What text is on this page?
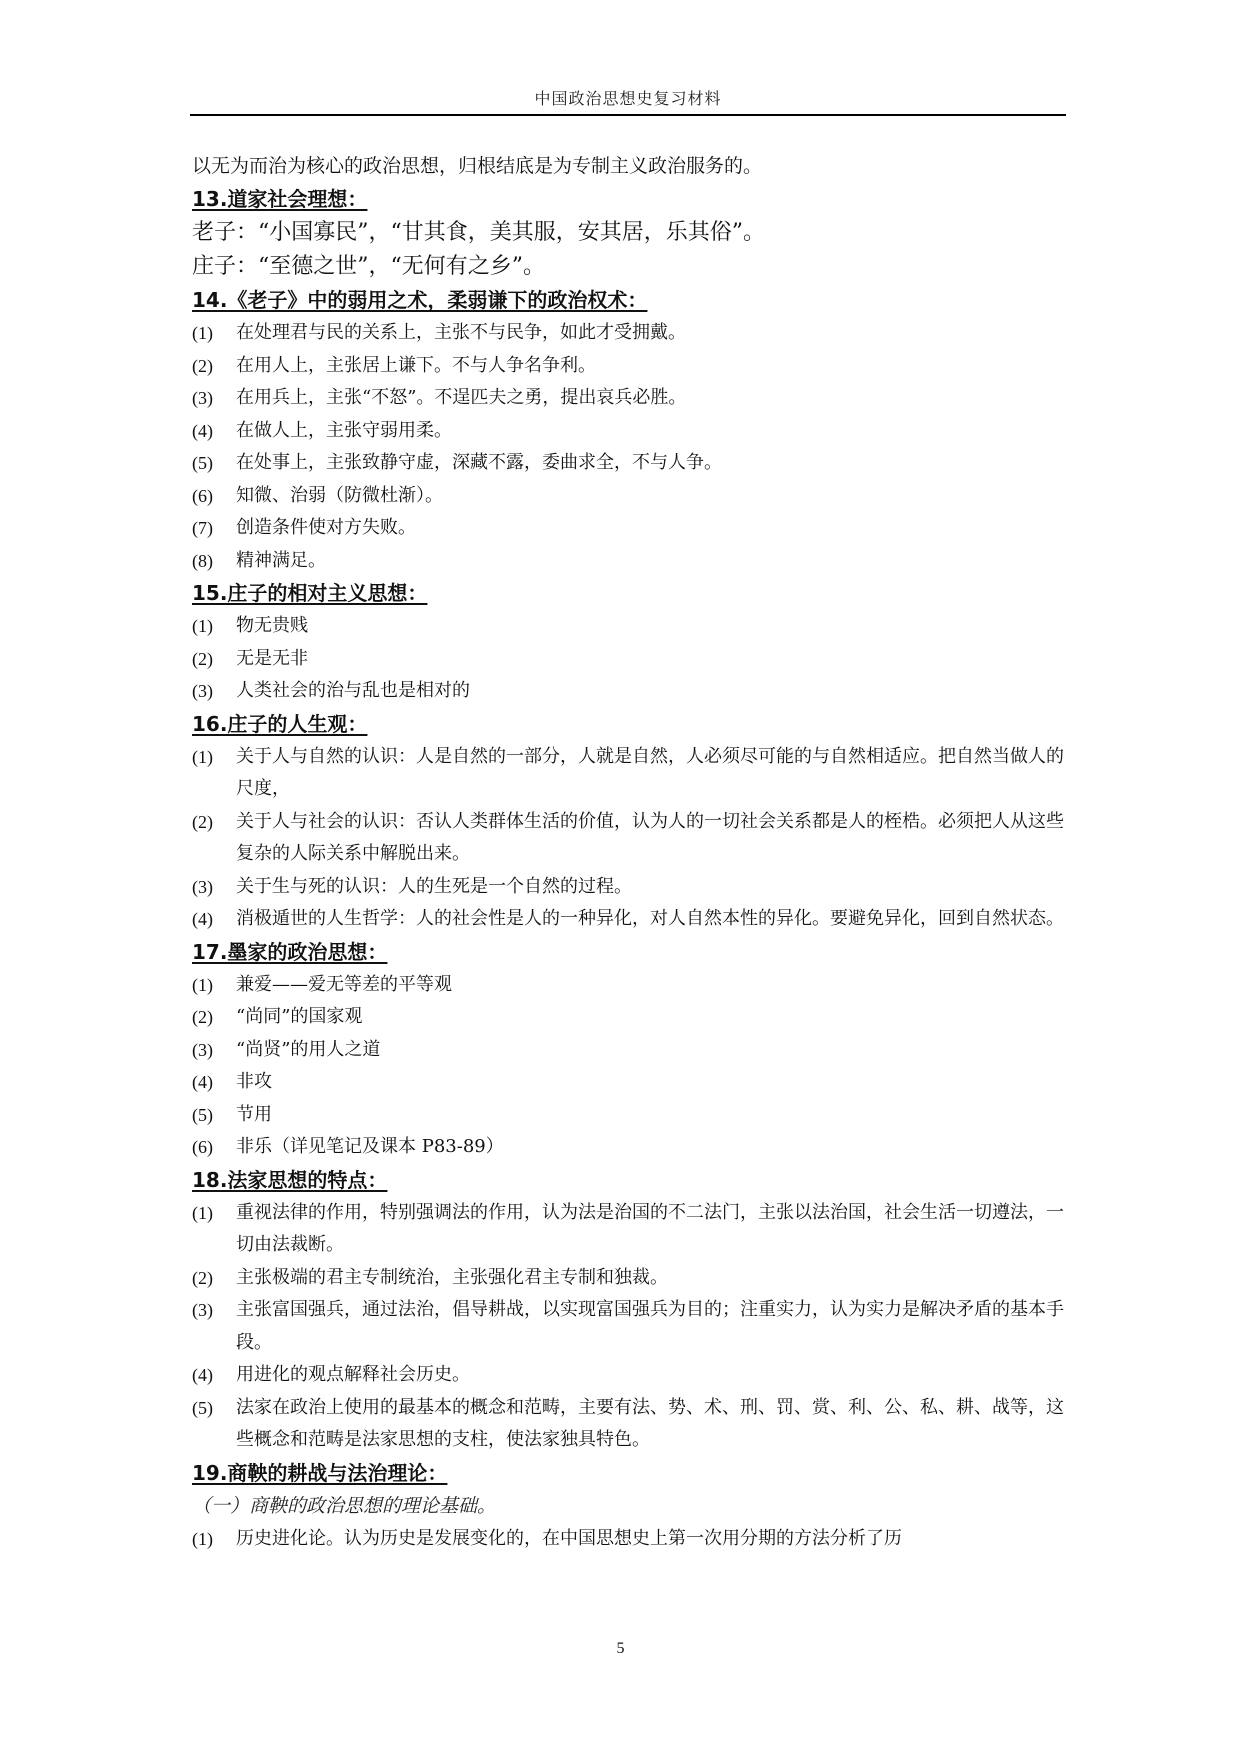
中国政治思想史复习材料
以无为而治为核心的政治思想，归根结底是为专制主义政治服务的。
13.道家社会理想：
老子：“小国寡民”，“甘其食，美其服，安其居，乐其俗”。
庄子：“至德之世”，“无何有之乡”。
14.《老子》中的弱用之术，柔弱谦下的政治权术：
(1)	在处理君与民的关系上，主张不与民争，如此才受拥戴。
(2)	在用人上，主张居上谦下。不与人争名争利。
(3)	在用兵上，主张“不怒”。不逞匹夫之勇，提出哀兵必胜。
(4)	在做人上，主张守弱用柔。
(5)	在处事上，主张致静守虚，深藏不露，委曲求全，不与人争。
(6)	知微、治弱（防微杜渐）。
(7)	创造条件使对方失败。
(8)	精神满足。
15.庄子的相对主义思想：
(1)	物无贵贱
(2)	无是无非
(3)	人类社会的治与乱也是相对的
16.庄子的人生观：
(1)	关于人与自然的认识：人是自然的一部分，人就是自然，人必须尽可能的与自然相适应。把自然当做人的尺度，
(2)	关于人与社会的认识：否认人类群体生活的价值，认为人的一切社会关系都是人的桎梏。必须把人从这些复杂的人际关系中解脱出来。
(3)	关于生与死的认识：人的生死是一个自然的过程。
(4)	消极遁世的人生哲学：人的社会性是人的一种异化，对人自然本性的异化。要避免异化，回到自然状态。
17.墨家的政治思想：
(1)	兼爱——爱无等差的平等观
(2)	“尚同”的国家观
(3)	“尚贤”的用人之道
(4)	非攻
(5)	节用
(6)	非乐（详见笔记及课本 P83-89）
18.法家思想的特点：
(1)	重视法律的作用，特别强调法的作用，认为法是治国的不二法门，主张以法治国，社会生活一切遵法，一切由法裁断。
(2)	主张极端的君主专制统治，主张强化君主专制和独裁。
(3)	主张富国强兵，通过法治，倡导耕战，以实现富国强兵为目的；注重实力，认为实力是解决矛盾的基本手段。
(4)	用进化的观点解释社会历史。
(5)	法家在政治上使用的最基本的概念和范畴，主要有法、势、术、刑、罚、赏、利、公、私、耕、战等，这些概念和范畴是法家思想的支柱，使法家独具特色。
19.商鞅的耕战与法治理论：
（一）商鞅的政治思想的理论基础。
(1)	历史进化论。认为历史是发展变化的，在中国思想史上第一次用分期的方法分析了历
5
